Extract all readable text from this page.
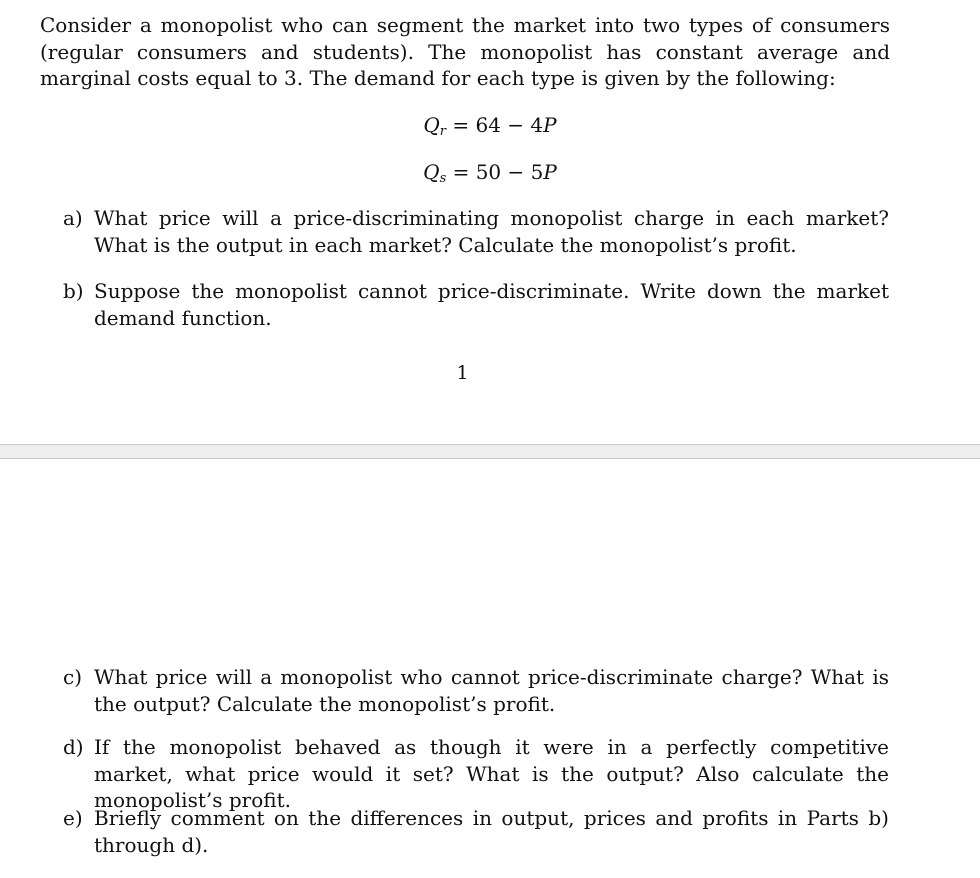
Consider a monopolist who can segment the market into two types of consumers (regular consumers and students). The monopolist has constant average and marginal costs equal to 3. The demand for each type is given by the following:

$Q_r = 64 - 4P$
$Q_s = 50 - 5P$
a) What price will a price-discriminating monopolist charge in each market? What is the output in each market? Calculate the monopolist’s profit.
b) Suppose the monopolist cannot price-discriminate. Write down the market demand function.
1
c) What price will a monopolist who cannot price-discriminate charge? What is the output? Calculate the monopolist’s profit.
d) If the monopolist behaved as though it were in a perfectly competitive market, what price would it set? What is the output? Also calculate the monopolist’s profit.
e) Briefly comment on the differences in output, prices and profits in Parts b) through d).
